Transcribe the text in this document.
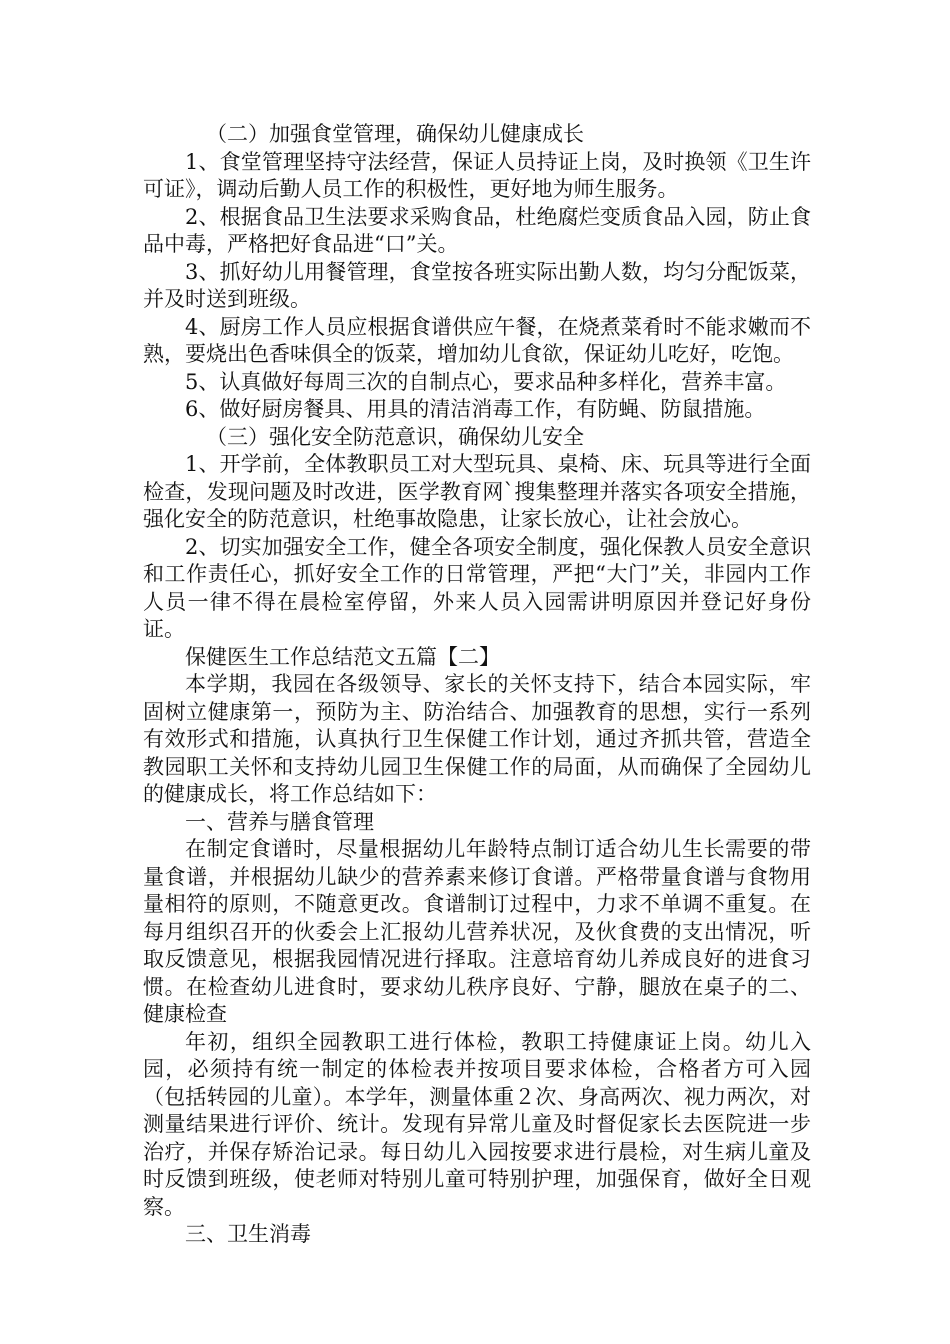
（二）加强食堂管理，确保幼儿健康成长

1、食堂管理坚持守法经营，保证人员持证上岗，及时换领《卫生许可证》，调动后勤人员工作的积极性，更好地为师生服务。

2、根据食品卫生法要求采购食品，杜绝腐烂变质食品入园，防止食品中毒，严格把好食品进“口”关。

3、抓好幼儿用餐管理，食堂按各班实际出勤人数，均匀分配饭菜，并及时送到班级。

4、厨房工作人员应根据食谱供应午餐，在烧煮菜肴时不能求嫩而不熟，要烧出色香味俱全的饭菜，增加幼儿食欲，保证幼儿吃好，吃饱。

5、认真做好每周三次的自制点心，要求品种多样化，营养丰富。

6、做好厨房餐具、用具的清洁消毒工作，有防蝇、防鼠措施。

（三）强化安全防范意识，确保幼儿安全

1、开学前，全体教职员工对大型玩具、桌椅、床、玩具等进行全面检查，发现问题及时改进，医学教育网`搜集整理并落实各项安全措施，强化安全的防范意识，杜绝事故隐患，让家长放心，让社会放心。

2、切实加强安全工作，健全各项安全制度，强化保教人员安全意识和工作责任心，抓好安全工作的日常管理，严把“大门”关，非园内工作人员一律不得在晨检室停留，外来人员入园需讲明原因并登记好身份证。

保健医生工作总结范文五篇【二】

本学期，我园在各级领导、家长的关怀支持下，结合本园实际，牢固树立健康第一，预防为主、防治结合、加强教育的思想，实行一系列有效形式和措施，认真执行卫生保健工作计划，通过齐抓共管，营造全教园职工关怀和支持幼儿园卫生保健工作的局面，从而确保了全园幼儿的健康成长，将工作总结如下：

一、营养与膳食管理

在制定食谱时，尽量根据幼儿年龄特点制订适合幼儿生长需要的带量食谱，并根据幼儿缺少的营养素来修订食谱。严格带量食谱与食物用量相符的原则，不随意更改。食谱制订过程中，力求不单调不重复。在每月组织召开的伙委会上汇报幼儿营养状况，及伙食费的支出情况，听取反馈意见，根据我园情况进行择取。注意培育幼儿养成良好的进食习惯。在检查幼儿进食时，要求幼儿秩序良好、宁静，腿放在桌子的二、健康检查

年初，组织全园教职工进行体检，教职工持健康证上岗。幼儿入园，必须持有统一制定的体检表并按项目要求体检，合格者方可入园（包括转园的儿童）。本学年，测量体重２次、身高两次、视力两次，对测量结果进行评价、统计。发现有异常儿童及时督促家长去医院进一步治疗，并保存矫治记录。每日幼儿入园按要求进行晨检，对生病儿童及时反馈到班级，使老师对特别儿童可特别护理，加强保育，做好全日观察。

三、卫生消毒
